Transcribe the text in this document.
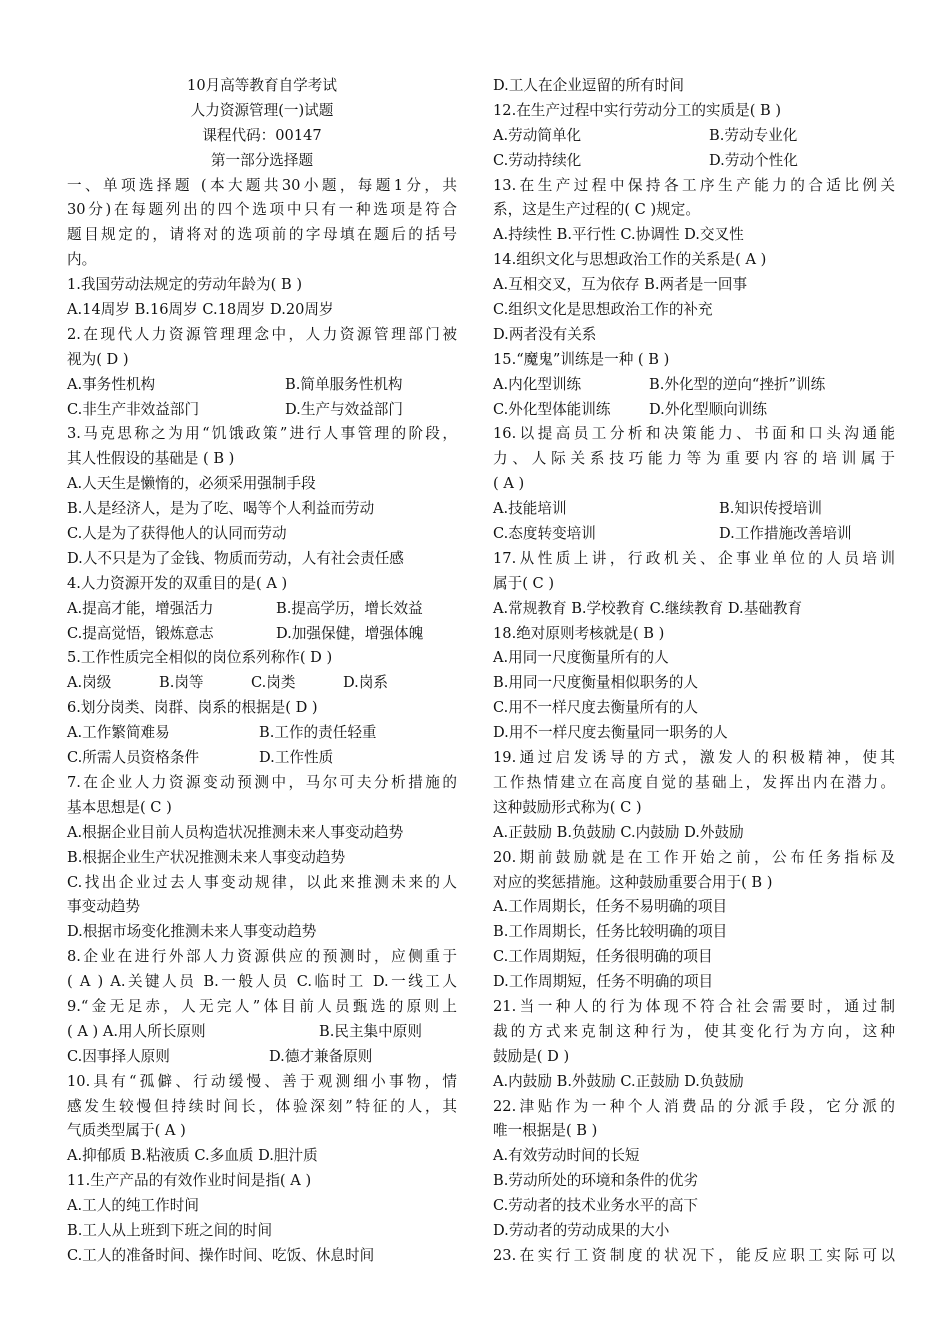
10月高等教育自学考试
人力资源管理(一)试题
课程代码：00147
第一部分选择题
一、单项选择题 (本大题共30小题，每题1分，共
30分)在每题列出的四个选项中只有一种选项是符合
题目规定的，请将对的选项前的字母填在题后的括号
内。
1.我国劳动法规定的劳动年龄为( B )
A.14周岁 B.16周岁 C.18周岁 D.20周岁
2.在现代人力资源管理理念中，人力资源管理部门被
视为( D )
A.事务性机构	B.简单服务性机构
C.非生产非效益部门	D.生产与效益部门
3.马克思称之为用“饥饿政策”进行人事管理的阶段，
其人性假设的基础是 ( B )
A.人天生是懒惰的，必须采用强制手段
B.人是经济人，是为了吃、喝等个人利益而劳动
C.人是为了获得他人的认同而劳动
D.人不只是为了金钱、物质而劳动，人有社会责任感
4.人力资源开发的双重目的是( A )
A.提高才能，增强活力	B.提高学历，增长效益
C.提高觉悟，锻炼意志	D.加强保健，增强体魄
5.工作性质完全相似的岗位系列称作( D )
A.岗级	B.岗等	C.岗类	D.岗系
6.划分岗类、岗群、岗系的根据是( D )
A.工作繁简难易	B.工作的责任轻重
C.所需人员资格条件	D.工作性质
7.在企业人力资源变动预测中，马尔可夫分析措施的
基本思想是( C )
A.根据企业目前人员构造状况推测未来人事变动趋势
B.根据企业生产状况推测未来人事变动趋势
C.找出企业过去人事变动规律，以此来推测未来的人
事变动趋势
D.根据市场变化推测未来人事变动趋势
8.企业在进行外部人力资源供应的预测时，应侧重于
( A ) A.关键人员 B.一般人员 C.临时工 D.一线工人
9.“金无足赤，人无完人”体目前人员甄选的原则上
( A ) A.用人所长原则	B.民主集中原则
C.因事择人原则	D.德才兼备原则
10.具有“孤僻、行动缓慢、善于观测细小事物，情
感发生较慢但持续时间长，体验深刻”特征的人，其
气质类型属于( A )
A.抑郁质 B.粘液质 C.多血质 D.胆汁质
11.生产产品的有效作业时间是指( A )
A.工人的纯工作时间
B.工人从上班到下班之间的时间
C.工人的准备时间、操作时间、吃饭、休息时间
D.工人在企业逗留的所有时间
12.在生产过程中实行劳动分工的实质是( B )
A.劳动简单化	B.劳动专业化
C.劳动持续化	D.劳动个性化
13.在生产过程中保持各工序生产能力的合适比例关
系，这是生产过程的( C )规定。
A.持续性 B.平行性 C.协调性 D.交叉性
14.组织文化与思想政治工作的关系是( A )
A.互相交叉，互为依存 B.两者是一回事
C.组织文化是思想政治工作的补充
D.两者没有关系
15.“魔鬼”训练是一种 ( B )
A.内化型训练	B.外化型的逆向“挫折”训练
C.外化型体能训练	D.外化型顺向训练
16.以提高员工分析和决策能力、书面和口头沟通能
力、人际关系技巧能力等为重要内容的培训属于
( A )
A.技能培训	B.知识传授培训
C.态度转变培训	D.工作措施改善培训
17.从性质上讲，行政机关、企事业单位的人员培训
属于( C )
A.常规教育 B.学校教育 C.继续教育 D.基础教育
18.绝对原则考核就是( B )
A.用同一尺度衡量所有的人
B.用同一尺度衡量相似职务的人
C.用不一样尺度去衡量所有的人
D.用不一样尺度去衡量同一职务的人
19.通过启发诱导的方式，激发人的积极精神，使其
工作热情建立在高度自觉的基础上，发挥出内在潜力。
这种鼓励形式称为( C )
A.正鼓励 B.负鼓励 C.内鼓励 D.外鼓励
20.期前鼓励就是在工作开始之前，公布任务指标及
对应的奖惩措施。这种鼓励重要合用于( B )
A.工作周期长，任务不易明确的项目
B.工作周期长，任务比较明确的项目
C.工作周期短，任务很明确的项目
D.工作周期短，任务不明确的项目
21.当一种人的行为体现不符合社会需要时，通过制
裁的方式来克制这种行为，使其变化行为方向，这种
鼓励是( D )
A.内鼓励 B.外鼓励 C.正鼓励 D.负鼓励
22.津贴作为一种个人消费品的分派手段，它分派的
唯一根据是( B )
A.有效劳动时间的长短
B.劳动所处的环境和条件的优劣
C.劳动者的技术业务水平的高下
D.劳动者的劳动成果的大小
23.在实行工资制度的状况下，能反应职工实际可以
